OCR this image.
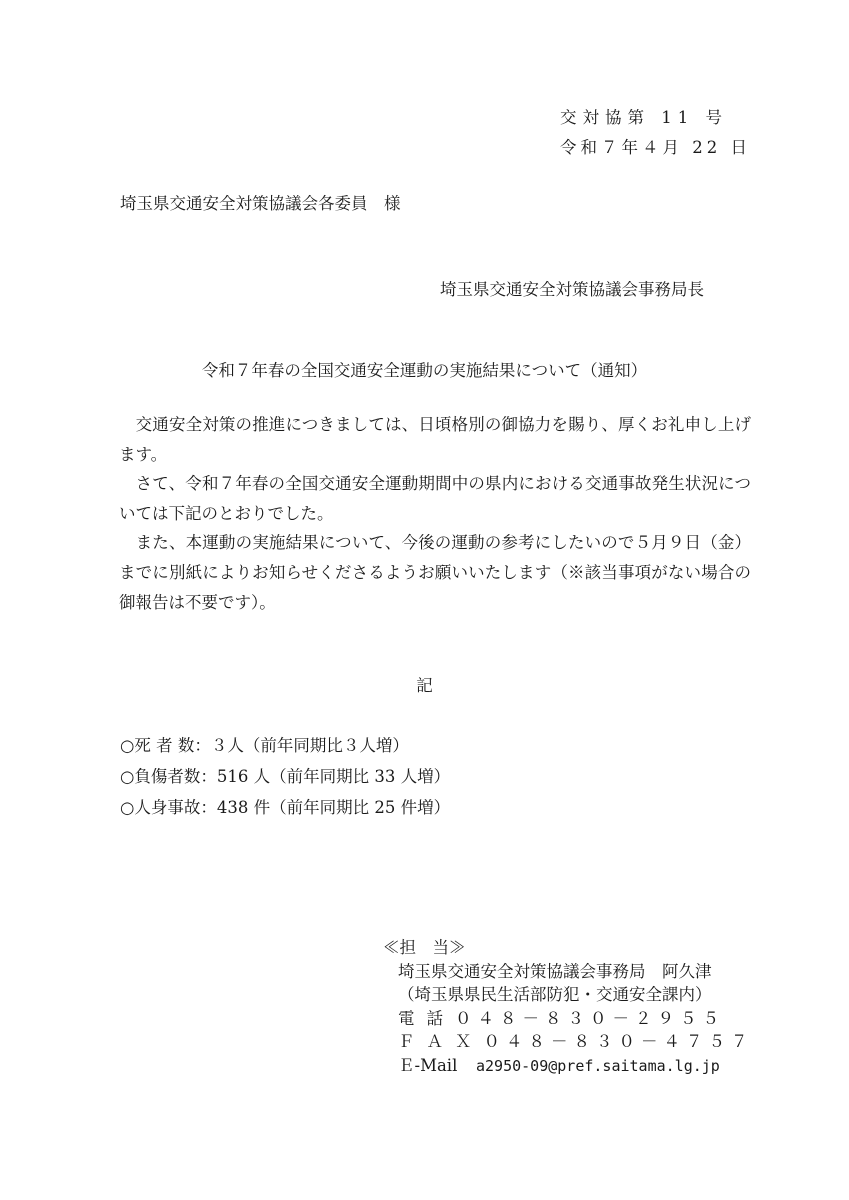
交対協第 11 号
令和７年４月 22 日
埼玉県交通安全対策協議会各委員　様
埼玉県交通安全対策協議会事務局長
令和７年春の全国交通安全運動の実施結果について（通知）

　交通安全対策の推進につきましては、日頃格別の御協力を賜り、厚くお礼申し上げます。

　さて、令和７年春の全国交通安全運動期間中の県内における交通事故発生状況については下記のとおりでした。

　また、本運動の実施結果について、今後の運動の参考にしたいので５月９日（金）までに別紙によりお知らせくださるようお願いいたします（※該当事項がない場合の御報告は不要です）。

記
○死 者 数：３人（前年同期比３人増）
○負傷者数：516 人（前年同期比 33 人増）
○人身事故：438 件（前年同期比 25 件増）
≪担　当≫
埼玉県交通安全対策協議会事務局　阿久津
（埼玉県県民生活部防犯・交通安全課内）
電話０４８－８３０－２９５５
ＦＡＸ０４８－８３０－４７５７
Ｅ-Mail a2950-09@pref.saitama.lg.jp
